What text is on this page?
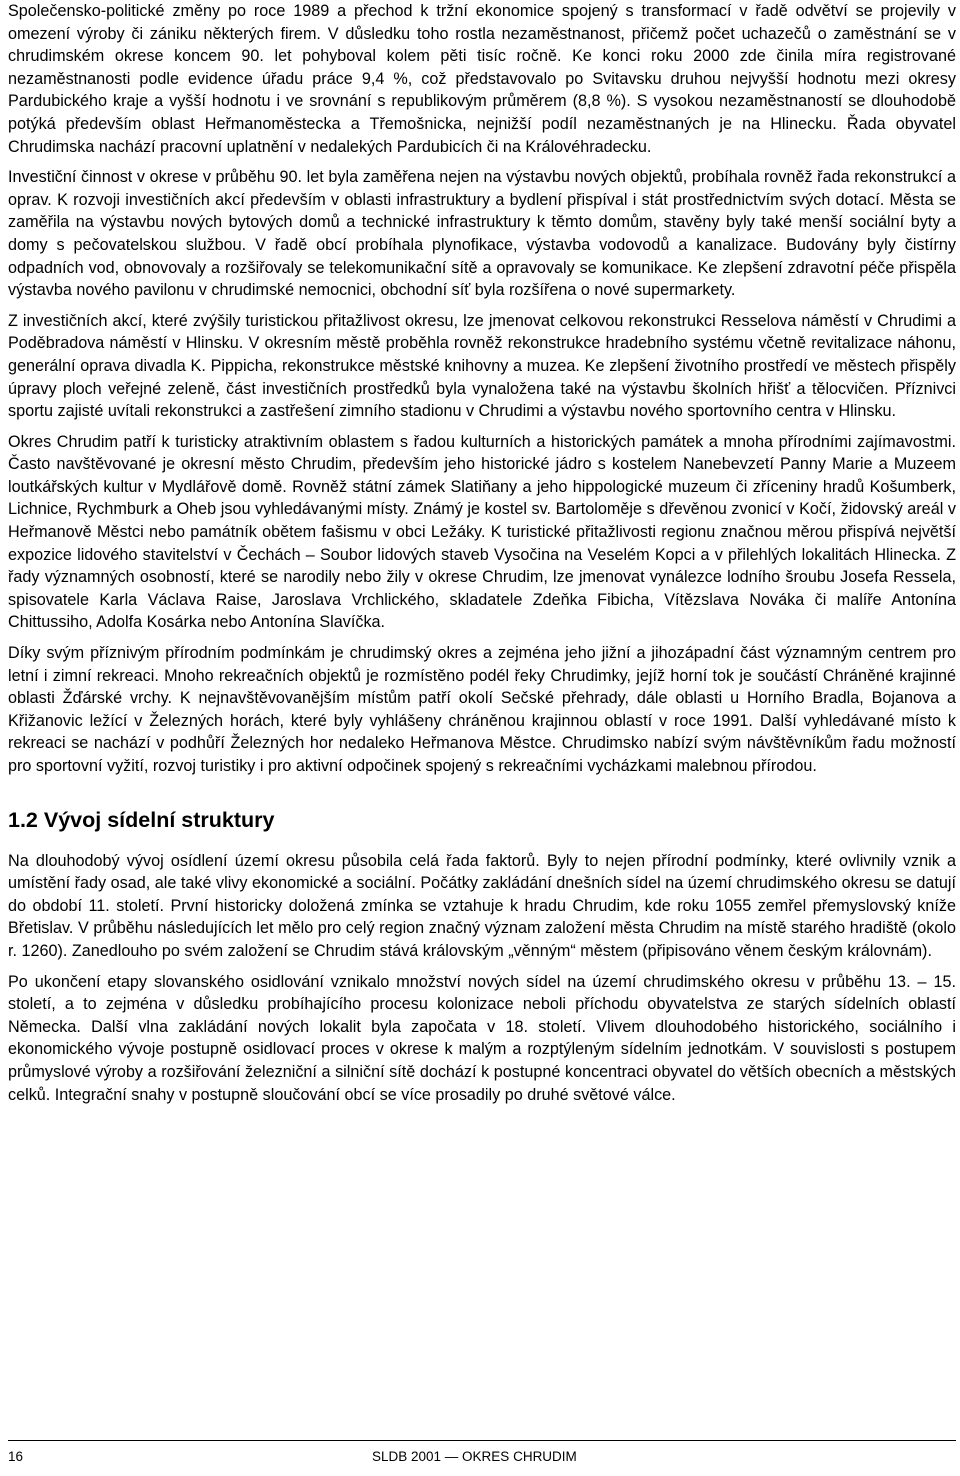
Společensko-politické změny po roce 1989 a přechod k tržní ekonomice spojený s transformací v řadě odvětví se projevily v omezení výroby či zániku některých firem. V důsledku toho rostla nezaměstnanost, přičemž počet uchazečů o zaměstnání se v chrudimském okrese koncem 90. let pohyboval kolem pěti tisíc ročně. Ke konci roku 2000 zde činila míra registrované nezaměstnanosti podle evidence úřadu práce 9,4 %, což představovalo po Svitavsku druhou nejvyšší hodnotu mezi okresy Pardubického kraje a vyšší hodnotu i ve srovnání s republikovým průměrem (8,8 %). S vysokou nezaměstnaností se dlouhodobě potýká především oblast Heřmanoměstecka a Třemošnicka, nejnižší podíl nezaměstnaných je na Hlinecku. Řada obyvatel Chrudimska nachází pracovní uplatnění v nedalekých Pardubicích či na Královéhradecku.

Investiční činnost v okrese v průběhu 90. let byla zaměřena nejen na výstavbu nových objektů, probíhala rovněž řada rekonstrukcí a oprav. K rozvoji investičních akcí především v oblasti infrastruktury a bydlení přispíval i stát prostřednictvím svých dotací. Města se zaměřila na výstavbu nových bytových domů a technické infrastruktury k těmto domům, stavěny byly také menší sociální byty a domy s pečovatelskou službou. V řadě obcí probíhala plynofikace, výstavba vodovodů a kanalizace. Budovány byly čistírny odpadních vod, obnovovaly a rozšiřovaly se telekomunikační sítě a opravovaly se komunikace. Ke zlepšení zdravotní péče přispěla výstavba nového pavilonu v chrudimské nemocnici, obchodní síť byla rozšířena o nové supermarkety.

Z investičních akcí, které zvýšily turistickou přitažlivost okresu, lze jmenovat celkovou rekonstrukci Resselova náměstí v Chrudimi a Poděbradova náměstí v Hlinsku. V okresním městě proběhla rovněž rekonstrukce hradebního systému včetně revitalizace náhonu, generální oprava divadla K. Pippicha, rekonstrukce městské knihovny a muzea. Ke zlepšení životního prostředí ve městech přispěly úpravy ploch veřejné zeleně, část investičních prostředků byla vynaložena také na výstavbu školních hřišť a tělocvičen. Příznivci sportu zajisté uvítali rekonstrukci a zastřešení zimního stadionu v Chrudimi a výstavbu nového sportovního centra v Hlinsku.

Okres Chrudim patří k turisticky atraktivním oblastem s řadou kulturních a historických památek a mnoha přírodními zajímavostmi. Často navštěvované je okresní město Chrudim, především jeho historické jádro s kostelem Nanebevzetí Panny Marie a Muzeem loutkářských kultur v Mydlářově domě. Rovněž státní zámek Slatiňany a jeho hippologické muzeum či zříceniny hradů Košumberk, Lichnice, Rychmburk a Oheb jsou vyhledávanými místy. Známý je kostel sv. Bartoloměje s dřevěnou zvonicí v Kočí, židovský areál v Heřmanově Městci nebo památník obětem fašismu v obci Ležáky. K turistické přitažlivosti regionu značnou měrou přispívá největší expozice lidového stavitelství v Čechách – Soubor lidových staveb Vysočina na Veselém Kopci a v přilehlých lokalitách Hlinecka. Z řady významných osobností, které se narodily nebo žily v okrese Chrudim, lze jmenovat vynálezce lodního šroubu Josefa Ressela, spisovatele Karla Václava Raise, Jaroslava Vrchlického, skladatele Zdeňka Fibicha, Vítězslava Nováka či malíře Antonína Chittussiho, Adolfa Kosárka nebo Antonína Slavíčka.

Díky svým příznivým přírodním podmínkám je chrudimský okres a zejména jeho jižní a jihozápadní část významným centrem pro letní i zimní rekreaci. Mnoho rekreačních objektů je rozmístěno podél řeky Chrudimky, jejíž horní tok je součástí Chráněné krajinné oblasti Žďárské vrchy. K nejnavštěvovanějším místům patří okolí Sečské přehrady, dále oblasti u Horního Bradla, Bojanova a Křižanovic ležící v Železných horách, které byly vyhlášeny chráněnou krajinnou oblastí v roce 1991. Další vyhledávané místo k rekreaci se nachází v podhůří Železných hor nedaleko Heřmanova Městce. Chrudimsko nabízí svým návštěvníkům řadu možností pro sportovní vyžití, rozvoj turistiky i pro aktivní odpočinek spojený s rekreačními vycházkami malebnou přírodou.

1.2 Vývoj sídelní struktury

Na dlouhodobý vývoj osídlení území okresu působila celá řada faktorů. Byly to nejen přírodní podmínky, které ovlivnily vznik a umístění řady osad, ale také vlivy ekonomické a sociální. Počátky zakládání dnešních sídel na území chrudimského okresu se datují do období 11. století. První historicky doložená zmínka se vztahuje k hradu Chrudim, kde roku 1055 zemřel přemyslovský kníže Břetislav. V průběhu následujících let mělo pro celý region značný význam založení města Chrudim na místě starého hradiště (okolo r. 1260). Zanedlouho po svém založení se Chrudim stává královským „věnným“ městem (připisováno věnem českým královnám).

Po ukončení etapy slovanského osidlování vznikalo množství nových sídel na území chrudimského okresu v průběhu 13. – 15. století, a to zejména v důsledku probíhajícího procesu kolonizace neboli příchodu obyvatelstva ze starých sídelních oblastí Německa. Další vlna zakládání nových lokalit byla započata v 18. století. Vlivem dlouhodobého historického, sociálního i ekonomického vývoje postupně osidlovací proces v okrese k malým a rozptýleným sídelním jednotkám. V souvislosti s postupem průmyslové výroby a rozšiřování železniční a silniční sítě dochází k postupné koncentraci obyvatel do větších obecních a městských celků. Integrační snahy v postupně sloučování obcí se více prosadily po druhé světové válce.

16	SLDB 2001 — OKRES CHRUDIM
